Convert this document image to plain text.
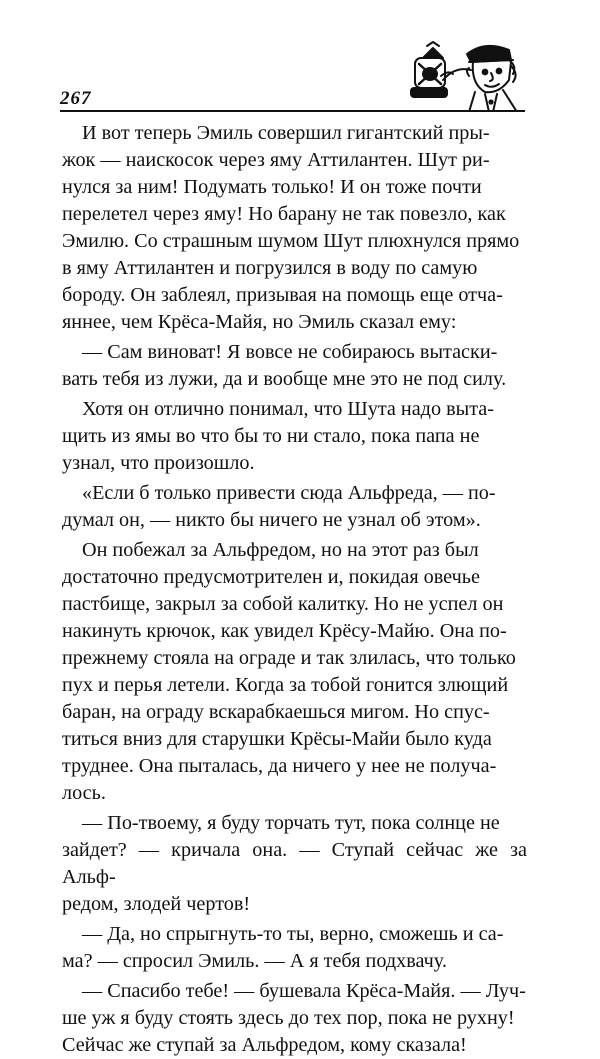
267

И вот теперь Эмиль совершил гигантский пры-
жок — наискосок через яму Аттилантен. Шут ри-
нулся за ним! Подумать только! И он тоже почти
перелетел через яму! Но барану не так повезло, как
Эмилю. Со страшным шумом Шут плюхнулся прямо
в яму Аттилантен и погрузился в воду по самую
бороду. Он заблеял, призывая на помощь еще отча-
яннее, чем Крёса-Майя, но Эмиль сказал ему:

— Сам виноват! Я вовсе не собираюсь вытаски-
вать тебя из лужи, да и вообще мне это не под силу.

Хотя он отлично понимал, что Шута надо выта-
щить из ямы во что бы то ни стало, пока папа не
узнал, что произошло.

«Если б только привести сюда Альфреда, — по-
думал он, — никто бы ничего не узнал об этом».

Он побежал за Альфредом, но на этот раз был
достаточно предусмотрителен и, покидая овечье
пастбище, закрыл за собой калитку. Но не успел он
накинуть крючок, как увидел Крёсу-Майю. Она по-
прежнему стояла на ограде и так злилась, что только
пух и перья летели. Когда за тобой гонится злющий
баран, на ограду вскарабкаешься мигом. Но спус-
титься вниз для старушки Крёсы-Майи было куда
труднее. Она пыталась, да ничего у нее не получа-
лось.

— По-твоему, я буду торчать тут, пока солнце не
зайдет? — кричала она. — Ступай сейчас же за Альф-
редом, злодей чертов!

— Да, но спрыгнуть-то ты, верно, сможешь и са-
ма? — спросил Эмиль. — А я тебя подхвачу.

— Спасибо тебе! — бушевала Крёса-Майя. — Луч-
ше уж я буду стоять здесь до тех пор, пока не рухну!
Сейчас же ступай за Альфредом, кому сказала!
